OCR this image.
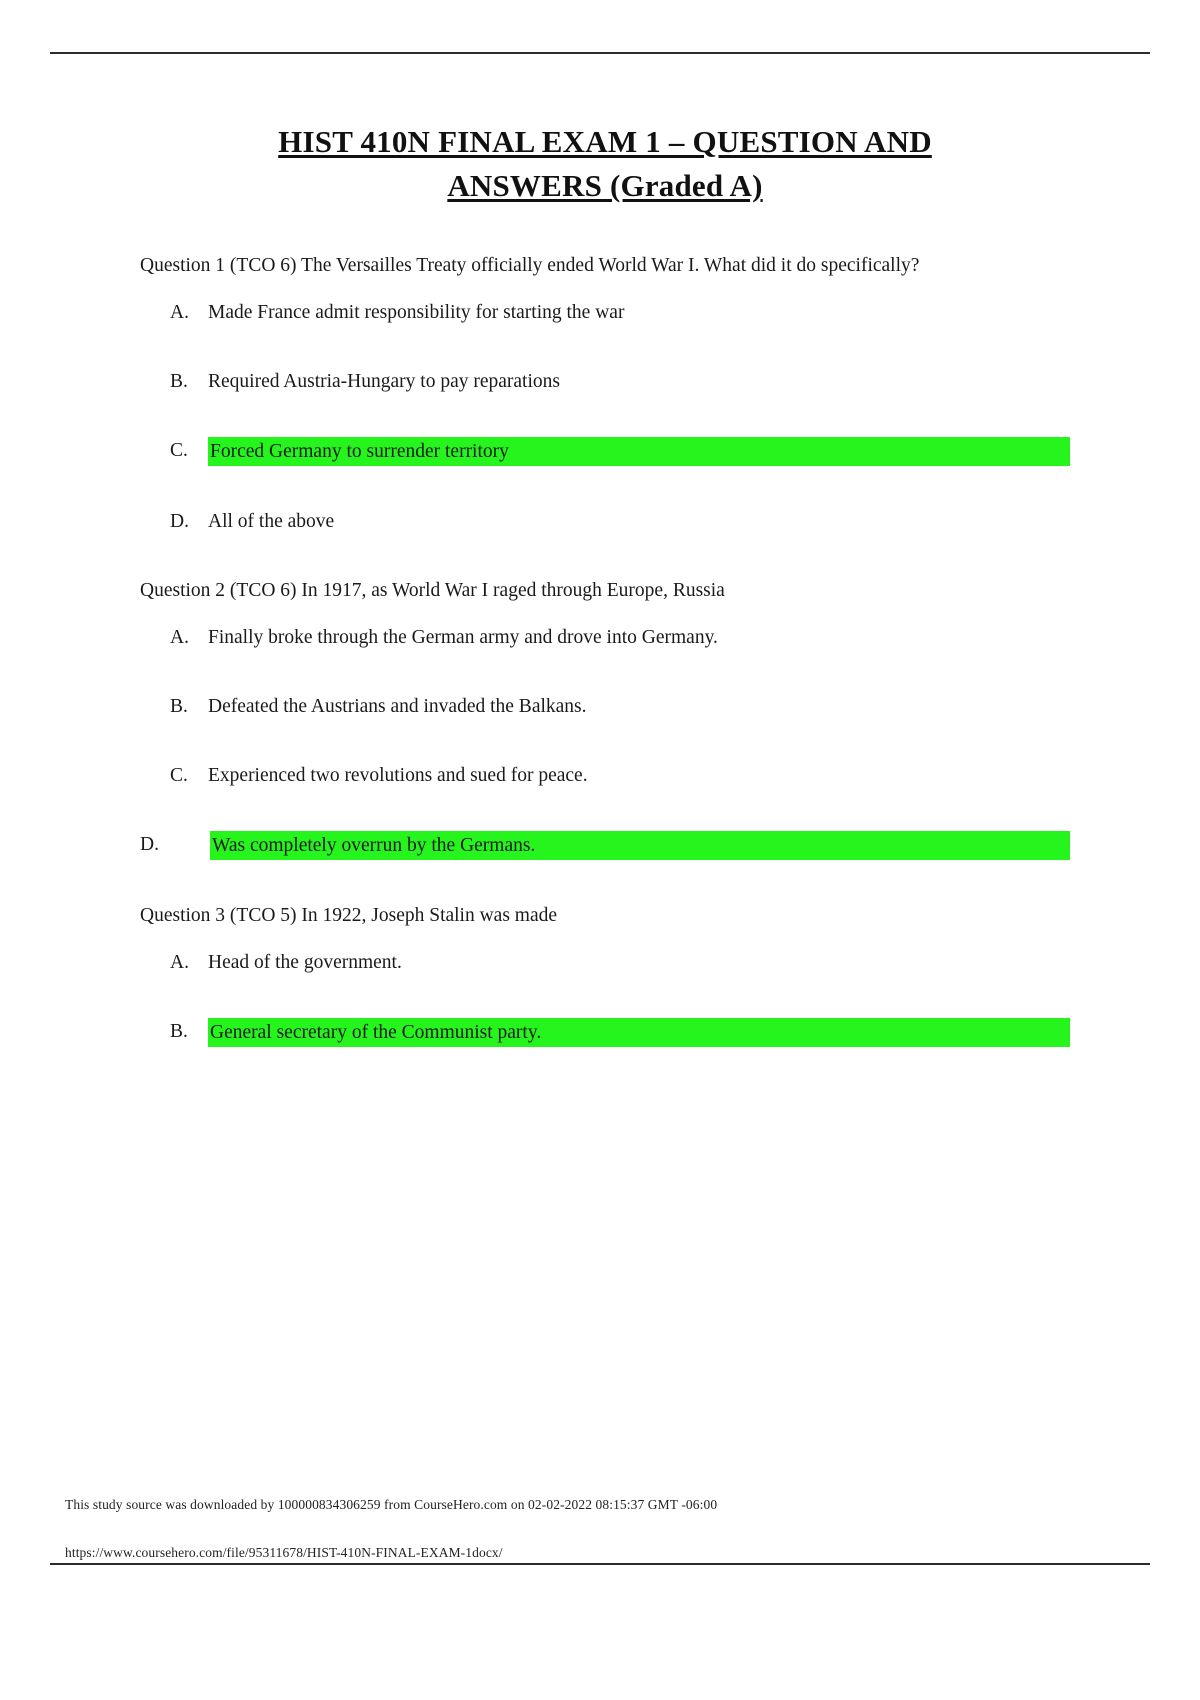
HIST 410N FINAL EXAM 1 – QUESTION AND
ANSWERS (Graded A)

Question 1 (TCO 6) The Versailles Treaty officially ended World War I. What did it do specifically?

A. Made France admit responsibility for starting the war
B.	Required Austria-Hungary to pay reparations
C.	Forced Germany to surrender territory
D. All of the above

Question 2 (TCO 6) In 1917, as World War I raged through Europe, Russia

A. Finally broke through the German army and drove into Germany.
B.	Defeated the Austrians and invaded the Balkans.
C.	Experienced two revolutions and sued for peace.
D.	Was completely overrun by the Germans.

Question 3 (TCO 5) In 1922, Joseph Stalin was made

A. Head of the government.
B.	General secretary of the Communist party.
This study source was downloaded by 100000834306259 from CourseHero.com on 02-02-2022 08:15:37 GMT -06:00
https://www.coursehero.com/file/95311678/HIST-410N-FINAL-EXAM-1docx/
